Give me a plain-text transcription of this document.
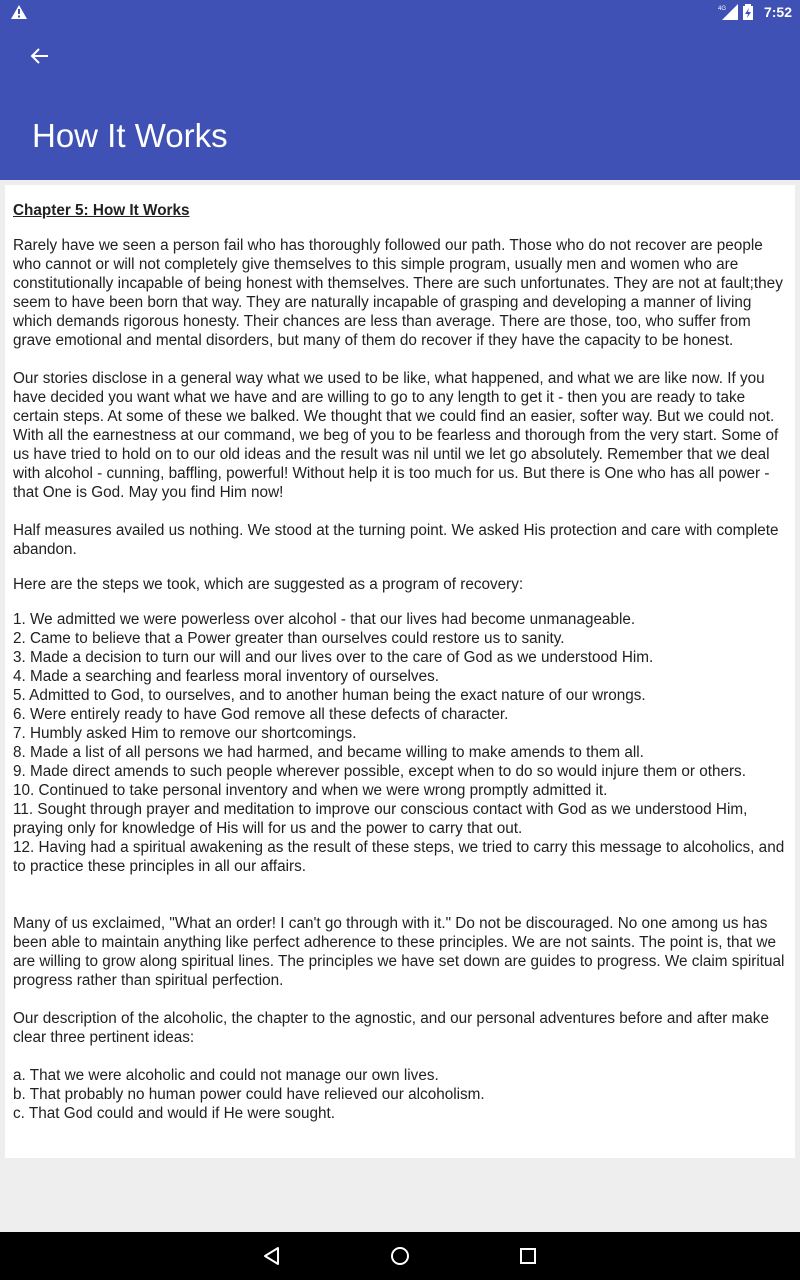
4G	7:52
How It Works

Chapter 5: How It Works

Rarely have we seen a person fail who has thoroughly followed our path. Those who do not recover are people who cannot or will not completely give themselves to this simple program, usually men and women who are constitutionally incapable of being honest with themselves. There are such unfortunates. They are not at fault;they seem to have been born that way. They are naturally incapable of grasping and developing a manner of living which demands rigorous honesty. Their chances are less than average. There are those, too, who suffer from grave emotional and mental disorders, but many of them do recover if they have the capacity to be honest.

Our stories disclose in a general way what we used to be like, what happened, and what we are like now. If you have decided you want what we have and are willing to go to any length to get it - then you are ready to take certain steps. At some of these we balked. We thought that we could find an easier, softer way. But we could not. With all the earnestness at our command, we beg of you to be fearless and thorough from the very start. Some of us have tried to hold on to our old ideas and the result was nil until we let go absolutely. Remember that we deal with alcohol - cunning, baffling, powerful! Without help it is too much for us. But there is One who has all power - that One is God. May you find Him now!

Half measures availed us nothing. We stood at the turning point. We asked His protection and care with complete abandon.

Here are the steps we took, which are suggested as a program of recovery:

1. We admitted we were powerless over alcohol - that our lives had become unmanageable.
2. Came to believe that a Power greater than ourselves could restore us to sanity.
3. Made a decision to turn our will and our lives over to the care of God as we understood Him.
4. Made a searching and fearless moral inventory of ourselves.
5. Admitted to God, to ourselves, and to another human being the exact nature of our wrongs.
6. Were entirely ready to have God remove all these defects of character.
7. Humbly asked Him to remove our shortcomings.
8. Made a list of all persons we had harmed, and became willing to make amends to them all.
9. Made direct amends to such people wherever possible, except when to do so would injure them or others.
10. Continued to take personal inventory and when we were wrong promptly admitted it.
11. Sought through prayer and meditation to improve our conscious contact with God as we understood Him, praying only for knowledge of His will for us and the power to carry that out.
12. Having had a spiritual awakening as the result of these steps, we tried to carry this message to alcoholics, and to practice these principles in all our affairs.

Many of us exclaimed, "What an order! I can't go through with it." Do not be discouraged. No one among us has been able to maintain anything like perfect adherence to these principles. We are not saints. The point is, that we are willing to grow along spiritual lines. The principles we have set down are guides to progress. We claim spiritual progress rather than spiritual perfection.

Our description of the alcoholic, the chapter to the agnostic, and our personal adventures before and after make clear three pertinent ideas:

a. That we were alcoholic and could not manage our own lives.
b. That probably no human power could have relieved our alcoholism.
c. That God could and would if He were sought.
